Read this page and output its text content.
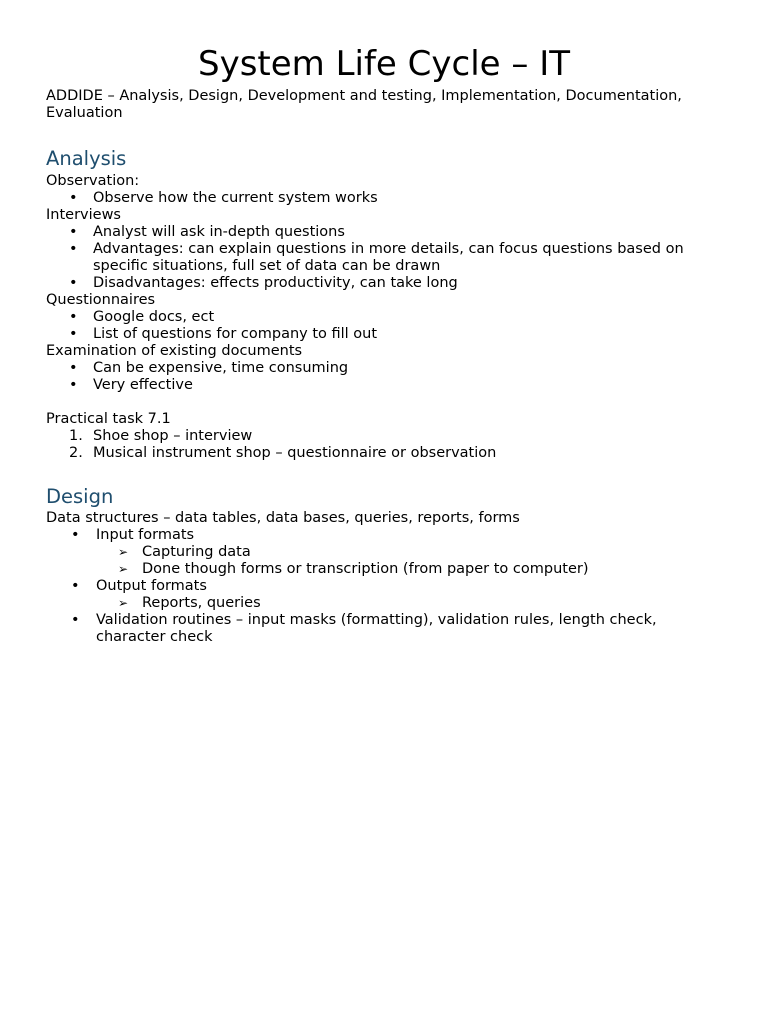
System Life Cycle – IT

ADDIDE – Analysis, Design, Development and testing, Implementation, Documentation, Evaluation

Analysis

Observation:

• Observe how the current system works

Interviews

• Analyst will ask in-depth questions
• Advantages: can explain questions in more details, can focus questions based on specific situations, full set of data can be drawn
• Disadvantages: effects productivity, can take long

Questionnaires

• Google docs, ect
• List of questions for company to fill out

Examination of existing documents

• Can be expensive, time consuming
• Very effective

Practical task 7.1

1. Shoe shop – interview
2. Musical instrument shop – questionnaire or observation
Design

Data structures – data tables, data bases, queries, reports, forms

• Input formats
➢ Capturing data
➢ Done though forms or transcription (from paper to computer)
• Output formats
➢ Reports, queries
• Validation routines – input masks (formatting), validation rules, length check, character check
